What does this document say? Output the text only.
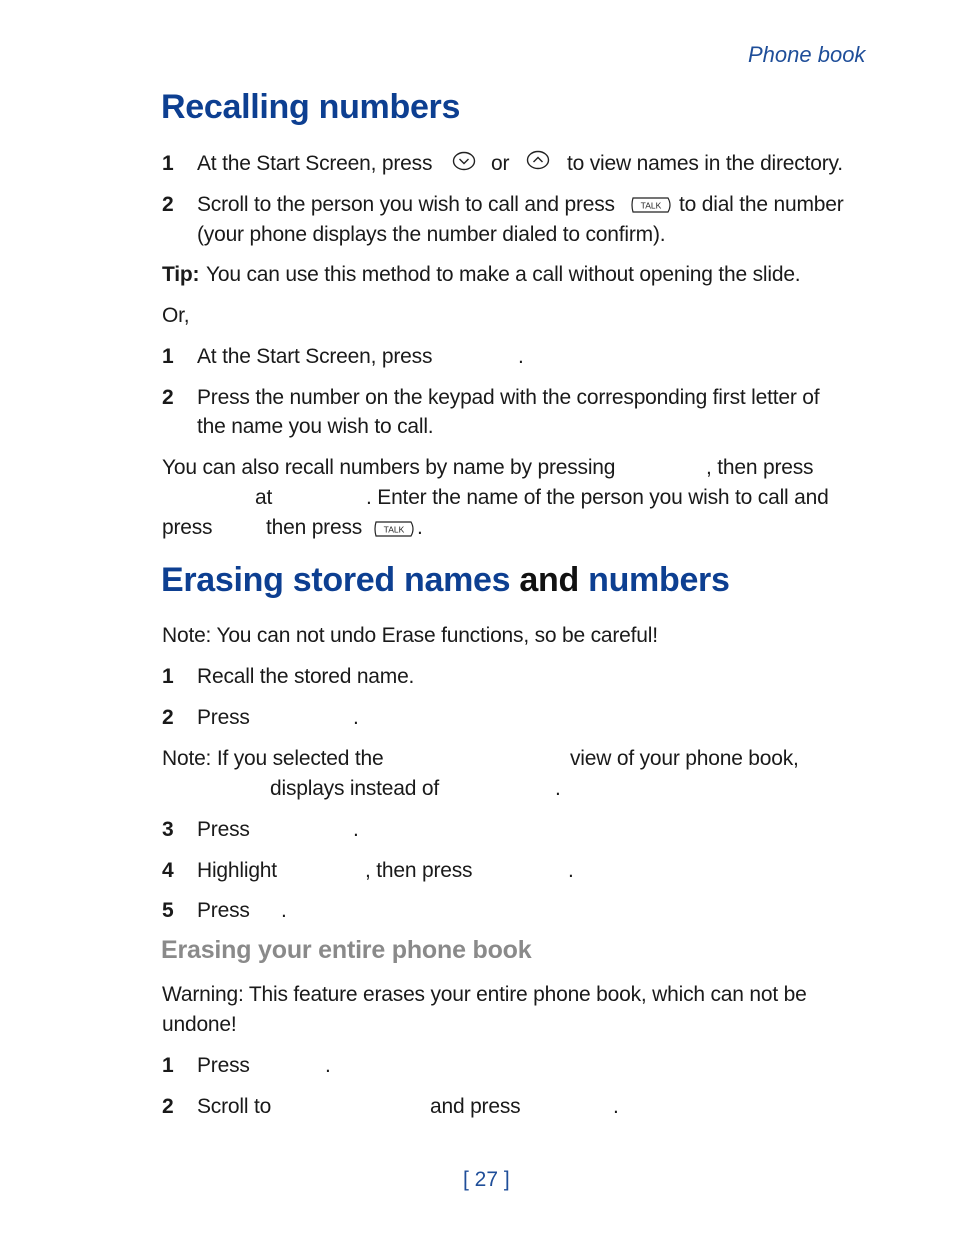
Phone book
Recalling numbers
1 At the Start Screen, press	or	to view names in the directory.
2 Scroll to the person you wish to call and press	TALK to dial the number
(your phone displays the number dialed to confirm).
Tip: You can use this method to make a call without opening the slide.
Or,
1 At the Start Screen, press	.
2 Press the number on the keypad with the corresponding first letter of
the name you wish to call.
You can also recall numbers by name by pressing	, then press
at	. Enter the name of the person you wish to call and
press	then press	TALK .
Erasing stored names and numbers
Note: You can not undo Erase functions, so be careful!
1 Recall the stored name.
2 Press	.
Note: If you selected the	view of your phone book,
displays instead of	.
3 Press	.
4 Highlight	, then press	.
5 Press .
Erasing your entire phone book
Warning: This feature erases your entire phone book, which can not be
undone!
1 Press	.
2 Scroll to	and press	.
[ 27 ]
